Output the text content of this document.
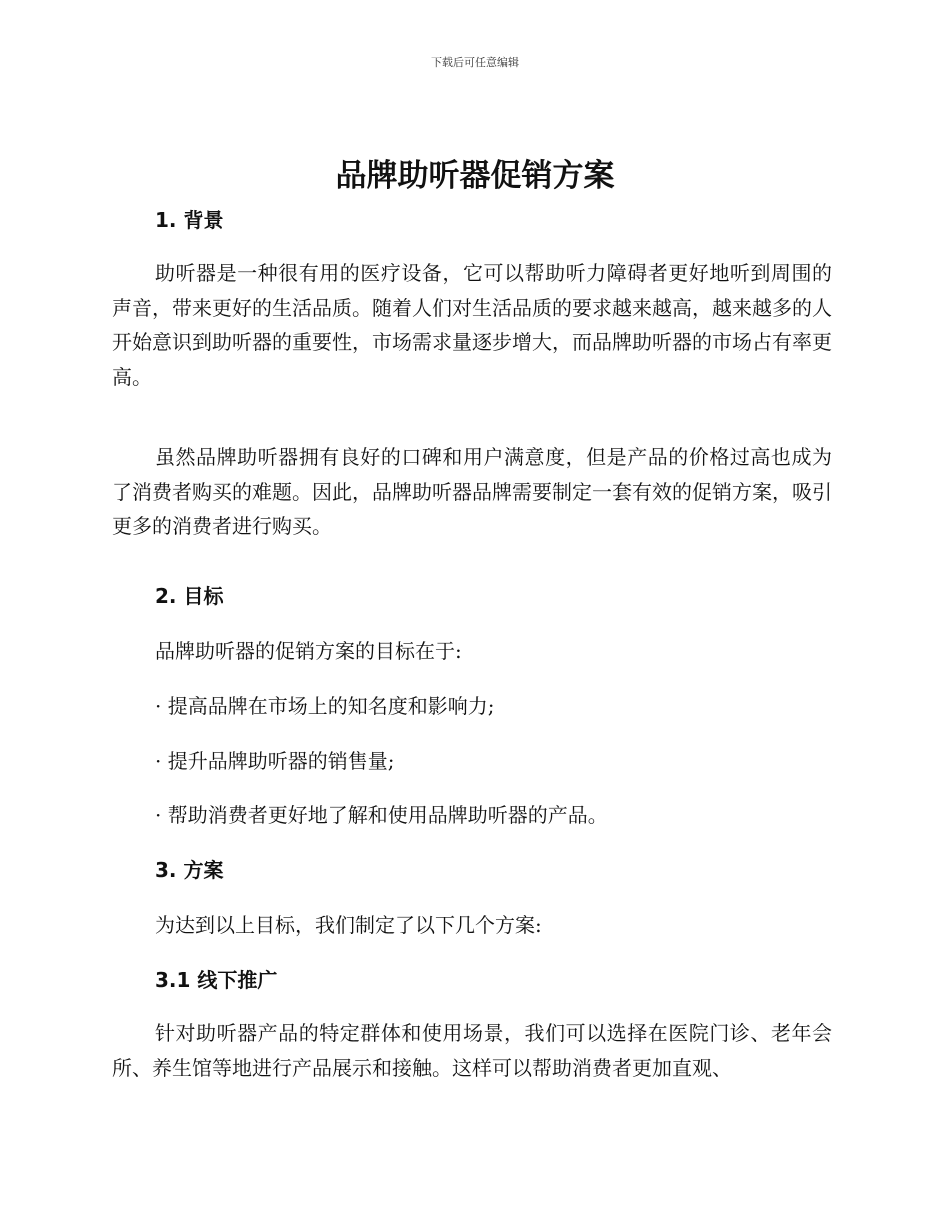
下载后可任意编辑
品牌助听器促销方案
1. 背景

助听器是一种很有用的医疗设备，它可以帮助听力障碍者更好地听到周围的声音，带来更好的生活品质。随着人们对生活品质的要求越来越高，越来越多的人开始意识到助听器的重要性，市场需求量逐步增大，而品牌助听器的市场占有率更高。

虽然品牌助听器拥有良好的口碑和用户满意度，但是产品的价格过高也成为了消费者购买的难题。因此，品牌助听器品牌需要制定一套有效的促销方案，吸引更多的消费者进行购买。

2. 目标
品牌助听器的促销方案的目标在于:
· 提高品牌在市场上的知名度和影响力;
· 提升品牌助听器的销售量;
· 帮助消费者更好地了解和使用品牌助听器的产品。
3. 方案
为达到以上目标，我们制定了以下几个方案:
3.1 线下推广

针对助听器产品的特定群体和使用场景，我们可以选择在医院门诊、老年会所、养生馆等地进行产品展示和接触。这样可以帮助消费者更加直观、
